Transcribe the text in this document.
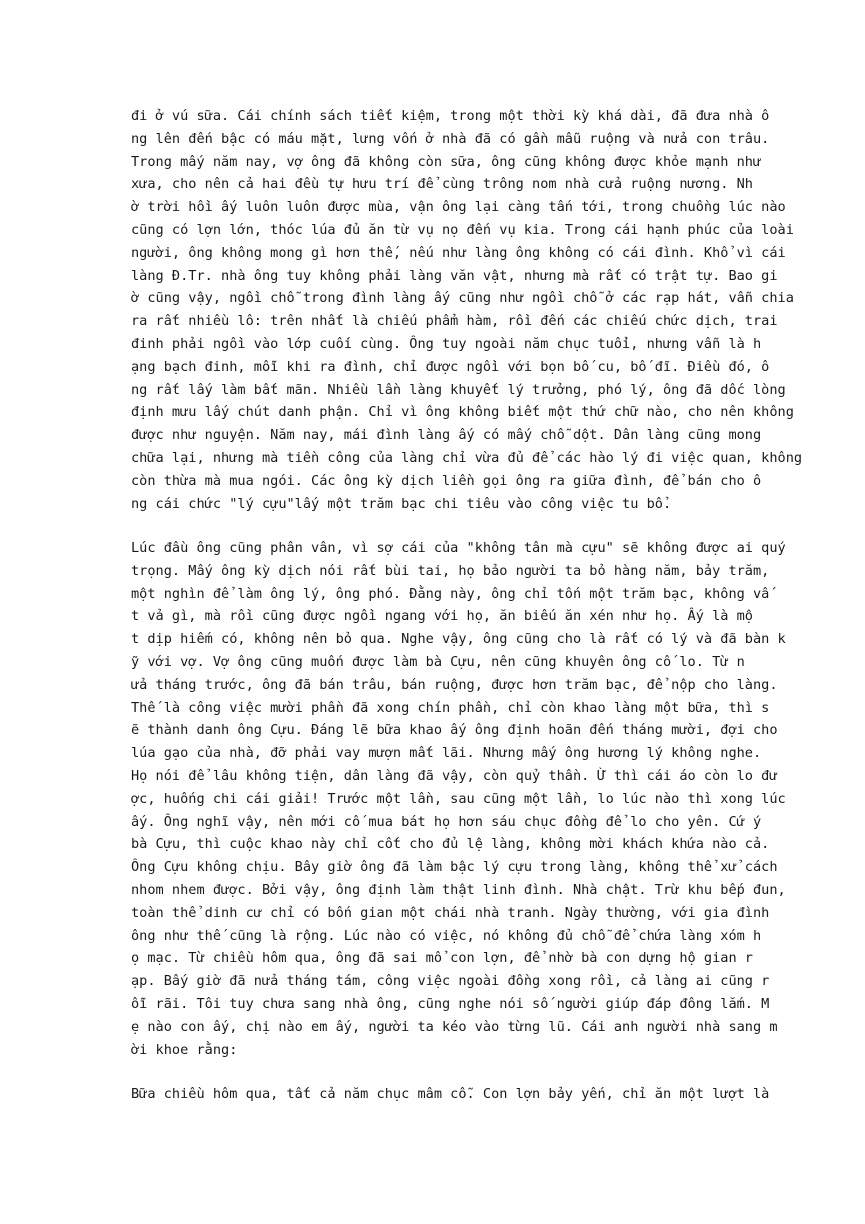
đi ở vú sữa. Cái chính sách tiết kiệm, trong một thời kỳ khá dài, đã đưa nhà ô
ng lên đến bậc có máu mặt, lưng vốn ở nhà đã có gần mẫu ruộng và nửa con trâu.
Trong mấy năm nay, vợ ông đã không còn sữa, ông cũng không được khỏe mạnh như
xưa, cho nên cả hai đều tự hưu trí để cùng trông nom nhà cửa ruộng nương. Nh
ờ trời hồi ấy luôn luôn được mùa, vận ông lại càng tấn tới, trong chuồng lúc nào
cũng có lợn lớn, thóc lúa đủ ăn từ vụ nọ đến vụ kia. Trong cái hạnh phúc của loài
người, ông không mong gì hơn thế, nếu như làng ông không có cái đình. Khổ vì cái
làng Đ.Tr. nhà ông tuy không phải làng văn vật, nhưng mà rất có trật tự. Bao gi
ờ cũng vậy, ngồi chỗ trong đình làng ấy cũng như ngồi chỗ ở các rạp hát, vẫn chia
ra rất nhiều lô: trên nhất là chiếu phẩm hàm, rồi đến các chiếu chức dịch, trai
đinh phải ngồi vào lớp cuối cùng. Ông tuy ngoài năm chục tuổi, nhưng vẫn là h
ạng bạch đinh, mỗi khi ra đình, chỉ được ngồi với bọn bố cu, bố đĩ. Điều đó, ô
ng rất lấy làm bất mãn. Nhiều lần làng khuyết lý trưởng, phó lý, ông đã dốc lòng
định mưu lấy chút danh phận. Chỉ vì ông không biết một thứ chữ nào, cho nên không
được như nguyện. Năm nay, mái đình làng ấy có mấy chỗ dột. Dân làng cũng mong
chữa lại, nhưng mà tiền công của làng chỉ vừa đủ để các hào lý đi việc quan, không
còn thừa mà mua ngói. Các ông kỳ dịch liền gọi ông ra giữa đình, để bán cho ô
ng cái chức "lý cựu"lấy một trăm bạc chi tiêu vào công việc tu bổ.
Lúc đầu ông cũng phân vân, vì sợ cái của "không tân mà cựu" sẽ không được ai quý
trọng. Mấy ông kỳ dịch nói rất bùi tai, họ bảo người ta bỏ hàng năm, bảy trăm,
một nghìn để làm ông lý, ông phó. Đằng này, ông chỉ tốn một trăm bạc, không vấ
t vả gì, mà rồi cũng được ngồi ngang với họ, ăn biếu ăn xén như họ. Ấy là mộ
t dịp hiếm có, không nên bỏ qua. Nghe vậy, ông cũng cho là rất có lý và đã bàn k
ỹ với vợ. Vợ ông cũng muốn được làm bà Cựu, nên cũng khuyên ông cố lo. Từ n
ửa tháng trước, ông đã bán trâu, bán ruộng, được hơn trăm bạc, để nộp cho làng.
Thế là công việc mười phần đã xong chín phần, chỉ còn khao làng một bữa, thì s
ẽ thành danh ông Cựu. Đáng lẽ bữa khao ấy ông định hoãn đến tháng mười, đợi cho
lúa gạo của nhà, đỡ phải vay mượn mất lãi. Nhưng mấy ông hương lý không nghe.
Họ nói để lâu không tiện, dân làng đã vậy, còn quỷ thần. Ừ thì cái áo còn lo đư
ợc, huống chi cái giải! Trước một lần, sau cũng một lần, lo lúc nào thì xong lúc
ấy. Ông nghĩ vậy, nên mới cố mua bát họ hơn sáu chục đồng để lo cho yên. Cứ ý
bà Cựu, thì cuộc khao này chỉ cốt cho đủ lệ làng, không mời khách khứa nào cả.
Ông Cựu không chịu. Bây giờ ông đã làm bậc lý cựu trong làng, không thể xử cách
nhom nhem được. Bởi vậy, ông định làm thật linh đình. Nhà chật. Trừ khu bếp đun,
toàn thể dinh cư chỉ có bốn gian một chái nhà tranh. Ngày thường, với gia đình
ông như thế cũng là rộng. Lúc nào có việc, nó không đủ chỗ để chứa làng xóm h
ọ mạc. Từ chiều hôm qua, ông đã sai mổ con lợn, để nhờ bà con dựng hộ gian r
ạp. Bấy giờ đã nửa tháng tám, công việc ngoài đồng xong rồi, cả làng ai cũng r
ỗi rãi. Tôi tuy chưa sang nhà ông, cũng nghe nói số người giúp đáp đông lắm. M
ẹ nào con ấy, chị nào em ấy, người ta kéo vào từng lũ. Cái anh người nhà sang m
ời khoe rằng:
Bữa chiều hôm qua, tất cả năm chục mâm cỗ. Con lợn bảy yến, chỉ ăn một lượt là
